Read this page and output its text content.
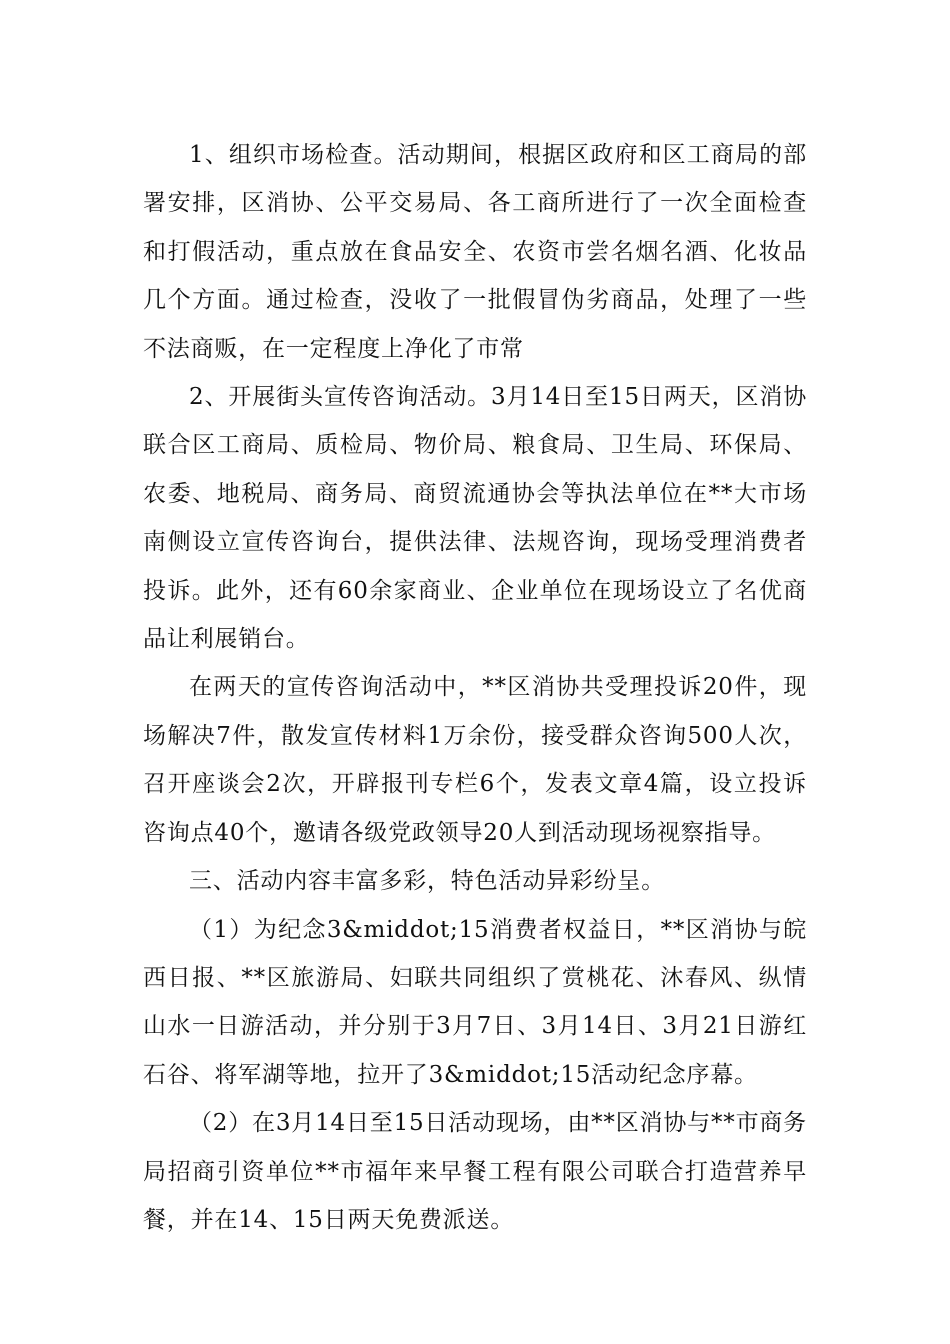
1、组织市场检查。活动期间，根据区政府和区工商局的部署安排，区消协、公平交易局、各工商所进行了一次全面检查和打假活动，重点放在食品安全、农资市尝名烟名酒、化妆品几个方面。通过检查，没收了一批假冒伪劣商品，处理了一些不法商贩，在一定程度上净化了市常

2、开展街头宣传咨询活动。3月14日至15日两天，区消协联合区工商局、质检局、物价局、粮食局、卫生局、环保局、农委、地税局、商务局、商贸流通协会等执法单位在**大市场南侧设立宣传咨询台，提供法律、法规咨询，现场受理消费者投诉。此外，还有60余家商业、企业单位在现场设立了名优商品让利展销台。

在两天的宣传咨询活动中，**区消协共受理投诉20件，现场解决7件，散发宣传材料1万余份，接受群众咨询500人次，召开座谈会2次，开辟报刊专栏6个，发表文章4篇，设立投诉咨询点40个，邀请各级党政领导20人到活动现场视察指导。

三、活动内容丰富多彩，特色活动异彩纷呈。

（1）为纪念3&middot;15消费者权益日，**区消协与皖西日报、**区旅游局、妇联共同组织了赏桃花、沐春风、纵情山水一日游活动，并分别于3月7日、3月14日、3月21日游红石谷、将军湖等地，拉开了3&middot;15活动纪念序幕。

（2）在3月14日至15日活动现场，由**区消协与**市商务局招商引资单位**市福年来早餐工程有限公司联合打造营养早餐，并在14、15日两天免费派送。
